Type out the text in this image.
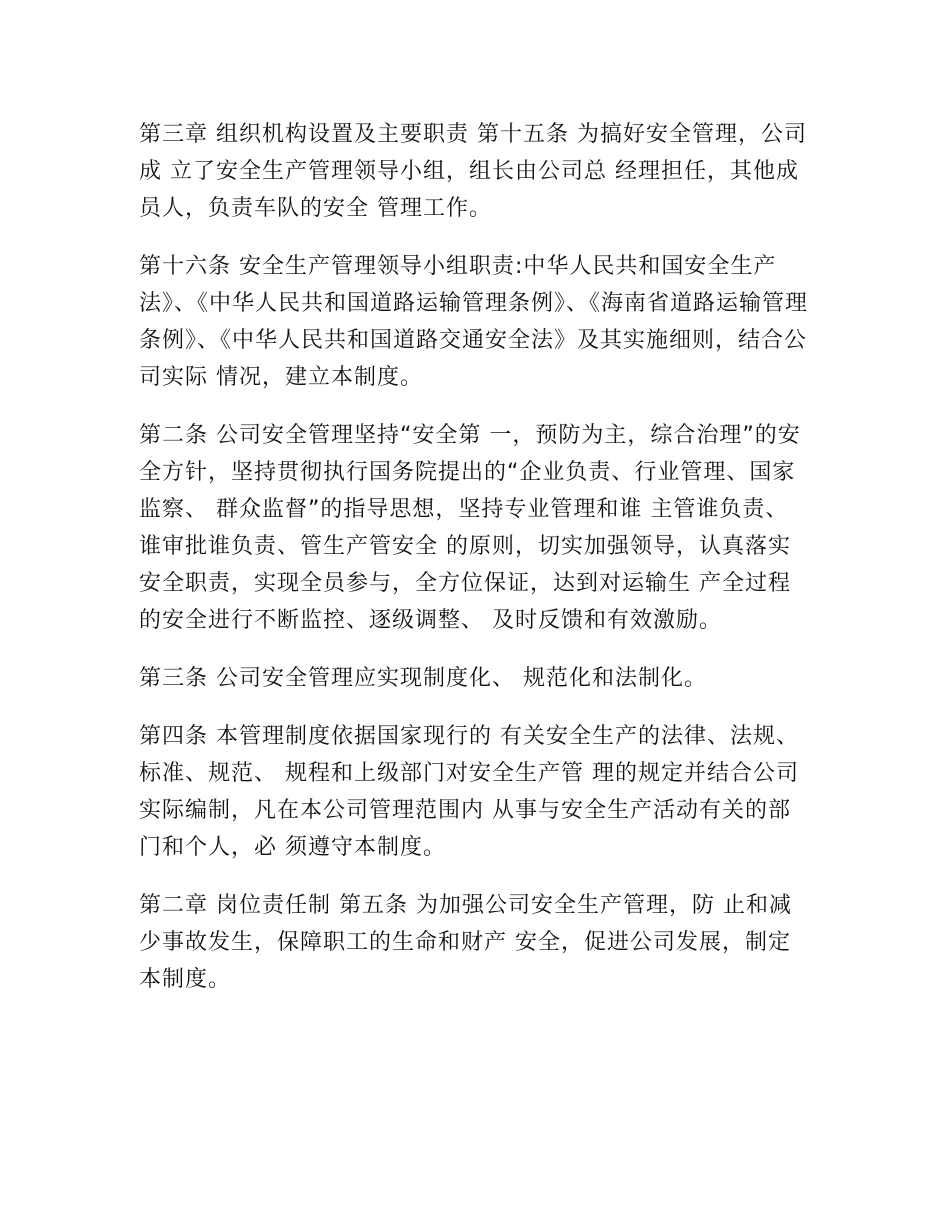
第三章 组织机构设置及主要职责 第十五条 为搞好安全管理，公司成 立了安全生产管理领导小组，组长由公司总 经理担任，其他成员人，负责车队的安全 管理工作。

第十六条 安全生产管理领导小组职责:中华人民共和国安全生产法》、《中华人民共和国道路运输管理条例》、《海南省道路运输管理条例》、《中华人民共和国道路交通安全法》及其实施细则，结合公司实际 情况，建立本制度。

第二条 公司安全管理坚持“安全第 一，预防为主，综合治理”的安全方针，坚持贯彻执行国务院提出的“企业负责、行业管理、国家监察、 群众监督”的指导思想，坚持专业管理和谁 主管谁负责、谁审批谁负责、管生产管安全 的原则，切实加强领导，认真落实安全职责，实现全员参与，全方位保证，达到对运输生 产全过程的安全进行不断监控、逐级调整、 及时反馈和有效激励。

第三条 公司安全管理应实现制度化、 规范化和法制化。

第四条 本管理制度依据国家现行的 有关安全生产的法律、法规、标准、规范、 规程和上级部门对安全生产管 理的规定并结合公司实际编制，凡在本公司管理范围内 从事与安全生产活动有关的部门和个人，必 须遵守本制度。

第二章 岗位责任制 第五条 为加强公司安全生产管理，防 止和减少事故发生，保障职工的生命和财产 安全，促进公司发展，制定本制度。
